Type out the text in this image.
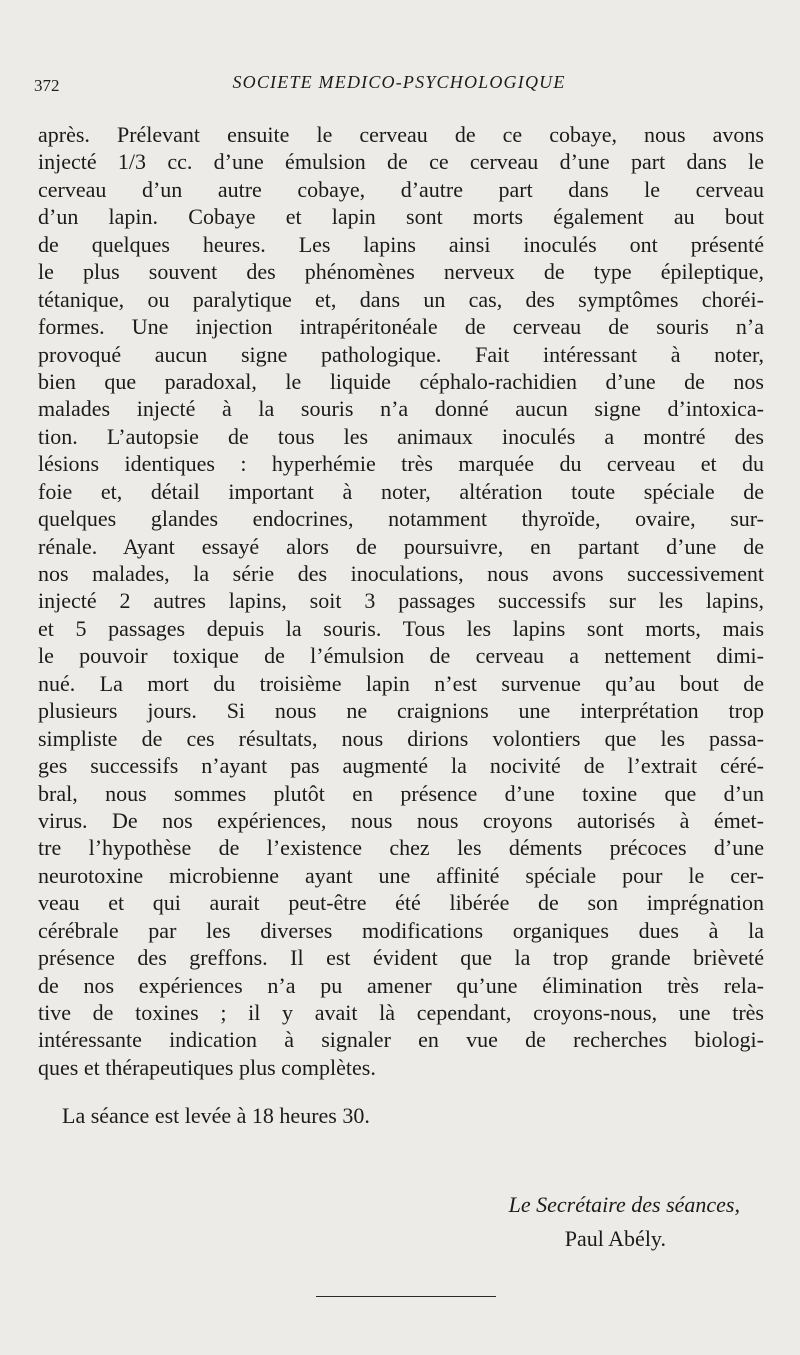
372	SOCIETE MEDICO-PSYCHOLOGIQUE
après. Prélevant ensuite le cerveau de ce cobaye, nous avons
injecté 1/3 cc. d’une émulsion de ce cerveau d’une part dans le
cerveau d’un autre cobaye, d’autre part dans le cerveau
d’un lapin. Cobaye et lapin sont morts également au bout
de quelques heures. Les lapins ainsi inoculés ont présenté
le plus souvent des phénomènes nerveux de type épileptique,
tétanique, ou paralytique et, dans un cas, des symptômes choréi-
formes. Une injection intrapéritonéale de cerveau de souris n’a
provoqué aucun signe pathologique. Fait intéressant à noter,
bien que paradoxal, le liquide céphalo-rachidien d’une de nos
malades injecté à la souris n’a donné aucun signe d’intoxica-
tion. L’autopsie de tous les animaux inoculés a montré des
lésions identiques : hyperhémie très marquée du cerveau et du
foie et, détail important à noter, altération toute spéciale de
quelques glandes endocrines, notamment thyroïde, ovaire, sur-
rénale. Ayant essayé alors de poursuivre, en partant d’une de
nos malades, la série des inoculations, nous avons successivement
injecté 2 autres lapins, soit 3 passages successifs sur les lapins,
et 5 passages depuis la souris. Tous les lapins sont morts, mais
le pouvoir toxique de l’émulsion de cerveau a nettement dimi-
nué. La mort du troisième lapin n’est survenue qu’au bout de
plusieurs jours. Si nous ne craignions une interprétation trop
simpliste de ces résultats, nous dirions volontiers que les passa-
ges successifs n’ayant pas augmenté la nocivité de l’extrait céré-
bral, nous sommes plutôt en présence d’une toxine que d’un
virus. De nos expériences, nous nous croyons autorisés à émet-
tre l’hypothèse de l’existence chez les déments précoces d’une
neurotoxine microbienne ayant une affinité spéciale pour le cer-
veau et qui aurait peut-être été libérée de son imprégnation
cérébrale par les diverses modifications organiques dues à la
présence des greffons. Il est évident que la trop grande brièveté
de nos expériences n’a pu amener qu’une élimination très rela-
tive de toxines ; il y avait là cependant, croyons-nous, une très
intéressante indication à signaler en vue de recherches biologi-
ques et thérapeutiques plus complètes.
La séance est levée à 18 heures 30.
Le Secrétaire des séances,
Paul Abély.
